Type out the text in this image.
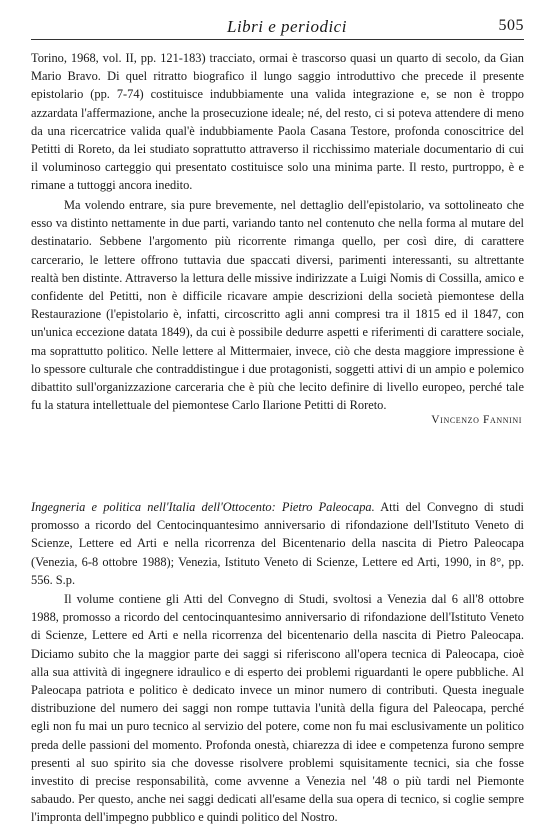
Libri e periodici	505

Torino, 1968, vol. II, pp. 121-183) tracciato, ormai è trascorso quasi un quarto di secolo, da Gian Mario Bravo. Di quel ritratto biografico il lungo saggio introduttivo che precede il presente epistolario (pp. 7-74) costituisce indubbiamente una valida integrazione e, se non è troppo azzardata l'affermazione, anche la prosecuzione ideale; né, del resto, ci si poteva attendere di meno da una ricercatrice valida qual'è indubbiamente Paola Casana Testore, profonda conoscitrice del Petitti di Roreto, da lei studiato soprattutto attraverso il ricchissimo materiale documentario di cui il voluminoso carteggio qui presentato costituisce solo una minima parte. Il resto, purtroppo, è e rimane a tuttoggi ancora inedito.

Ma volendo entrare, sia pure brevemente, nel dettaglio dell'epistolario, va sottolineato che esso va distinto nettamente in due parti, variando tanto nel contenuto che nella forma al mutare del destinatario. Sebbene l'argomento più ricorrente rimanga quello, per così dire, di carattere carcerario, le lettere offrono tuttavia due spaccati diversi, parimenti interessanti, su altrettante realtà ben distinte. Attraverso la lettura delle missive indirizzate a Luigi Nomis di Cossilla, amico e confidente del Petitti, non è difficile ricavare ampie descrizioni della società piemontese della Restaurazione (l'epistolario è, infatti, circoscritto agli anni compresi tra il 1815 ed il 1847, con un'unica eccezione datata 1849), da cui è possibile dedurre aspetti e riferimenti di carattere sociale, ma soprattutto politico. Nelle lettere al Mittermaier, invece, ciò che desta maggiore impressione è lo spessore culturale che contraddistingue i due protagonisti, soggetti attivi di un ampio e polemico dibattito sull'organizzazione carceraria che è più che lecito definire di livello europeo, perché tale fu la statura intellettuale del piemontese Carlo Ilarione Petitti di Roreto.

Vincenzo Fannini

Ingegneria e politica nell'Italia dell'Ottocento: Pietro Paleocapa. Atti del Convegno di studi promosso a ricordo del Centocinquantesimo anniversario di rifondazione dell'Istituto Veneto di Scienze, Lettere ed Arti e nella ricorrenza del Bicentenario della nascita di Pietro Paleocapa (Venezia, 6-8 ottobre 1988); Venezia, Istituto Veneto di Scienze, Lettere ed Arti, 1990, in 8°, pp. 556. S.p.

Il volume contiene gli Atti del Convegno di Studi, svoltosi a Venezia dal 6 all'8 ottobre 1988, promosso a ricordo del centocinquantesimo anniversario di rifondazione dell'Istituto Veneto di Scienze, Lettere ed Arti e nella ricorrenza del bicentenario della nascita di Pietro Paleocapa. Diciamo subito che la maggior parte dei saggi si riferiscono all'opera tecnica di Paleocapa, cioè alla sua attività di ingegnere idraulico e di esperto dei problemi riguardanti le opere pubbliche. Al Paleocapa patriota e politico è dedicato invece un minor numero di contributi. Questa ineguale distribuzione del numero dei saggi non rompe tuttavia l'unità della figura del Paleocapa, perché egli non fu mai un puro tecnico al servizio del potere, come non fu mai esclusivamente un politico preda delle passioni del momento. Profonda onestà, chiarezza di idee e competenza furono sempre presenti al suo spirito sia che dovesse risolvere problemi squisitamente tecnici, sia che fosse investito di precise responsabilità, come avvenne a Venezia nel '48 o più tardi nel Piemonte sabaudo. Per questo, anche nei saggi dedicati all'esame della sua opera di tecnico, si coglie sempre l'impronta dell'impegno pubblico e quindi politico del Nostro.
